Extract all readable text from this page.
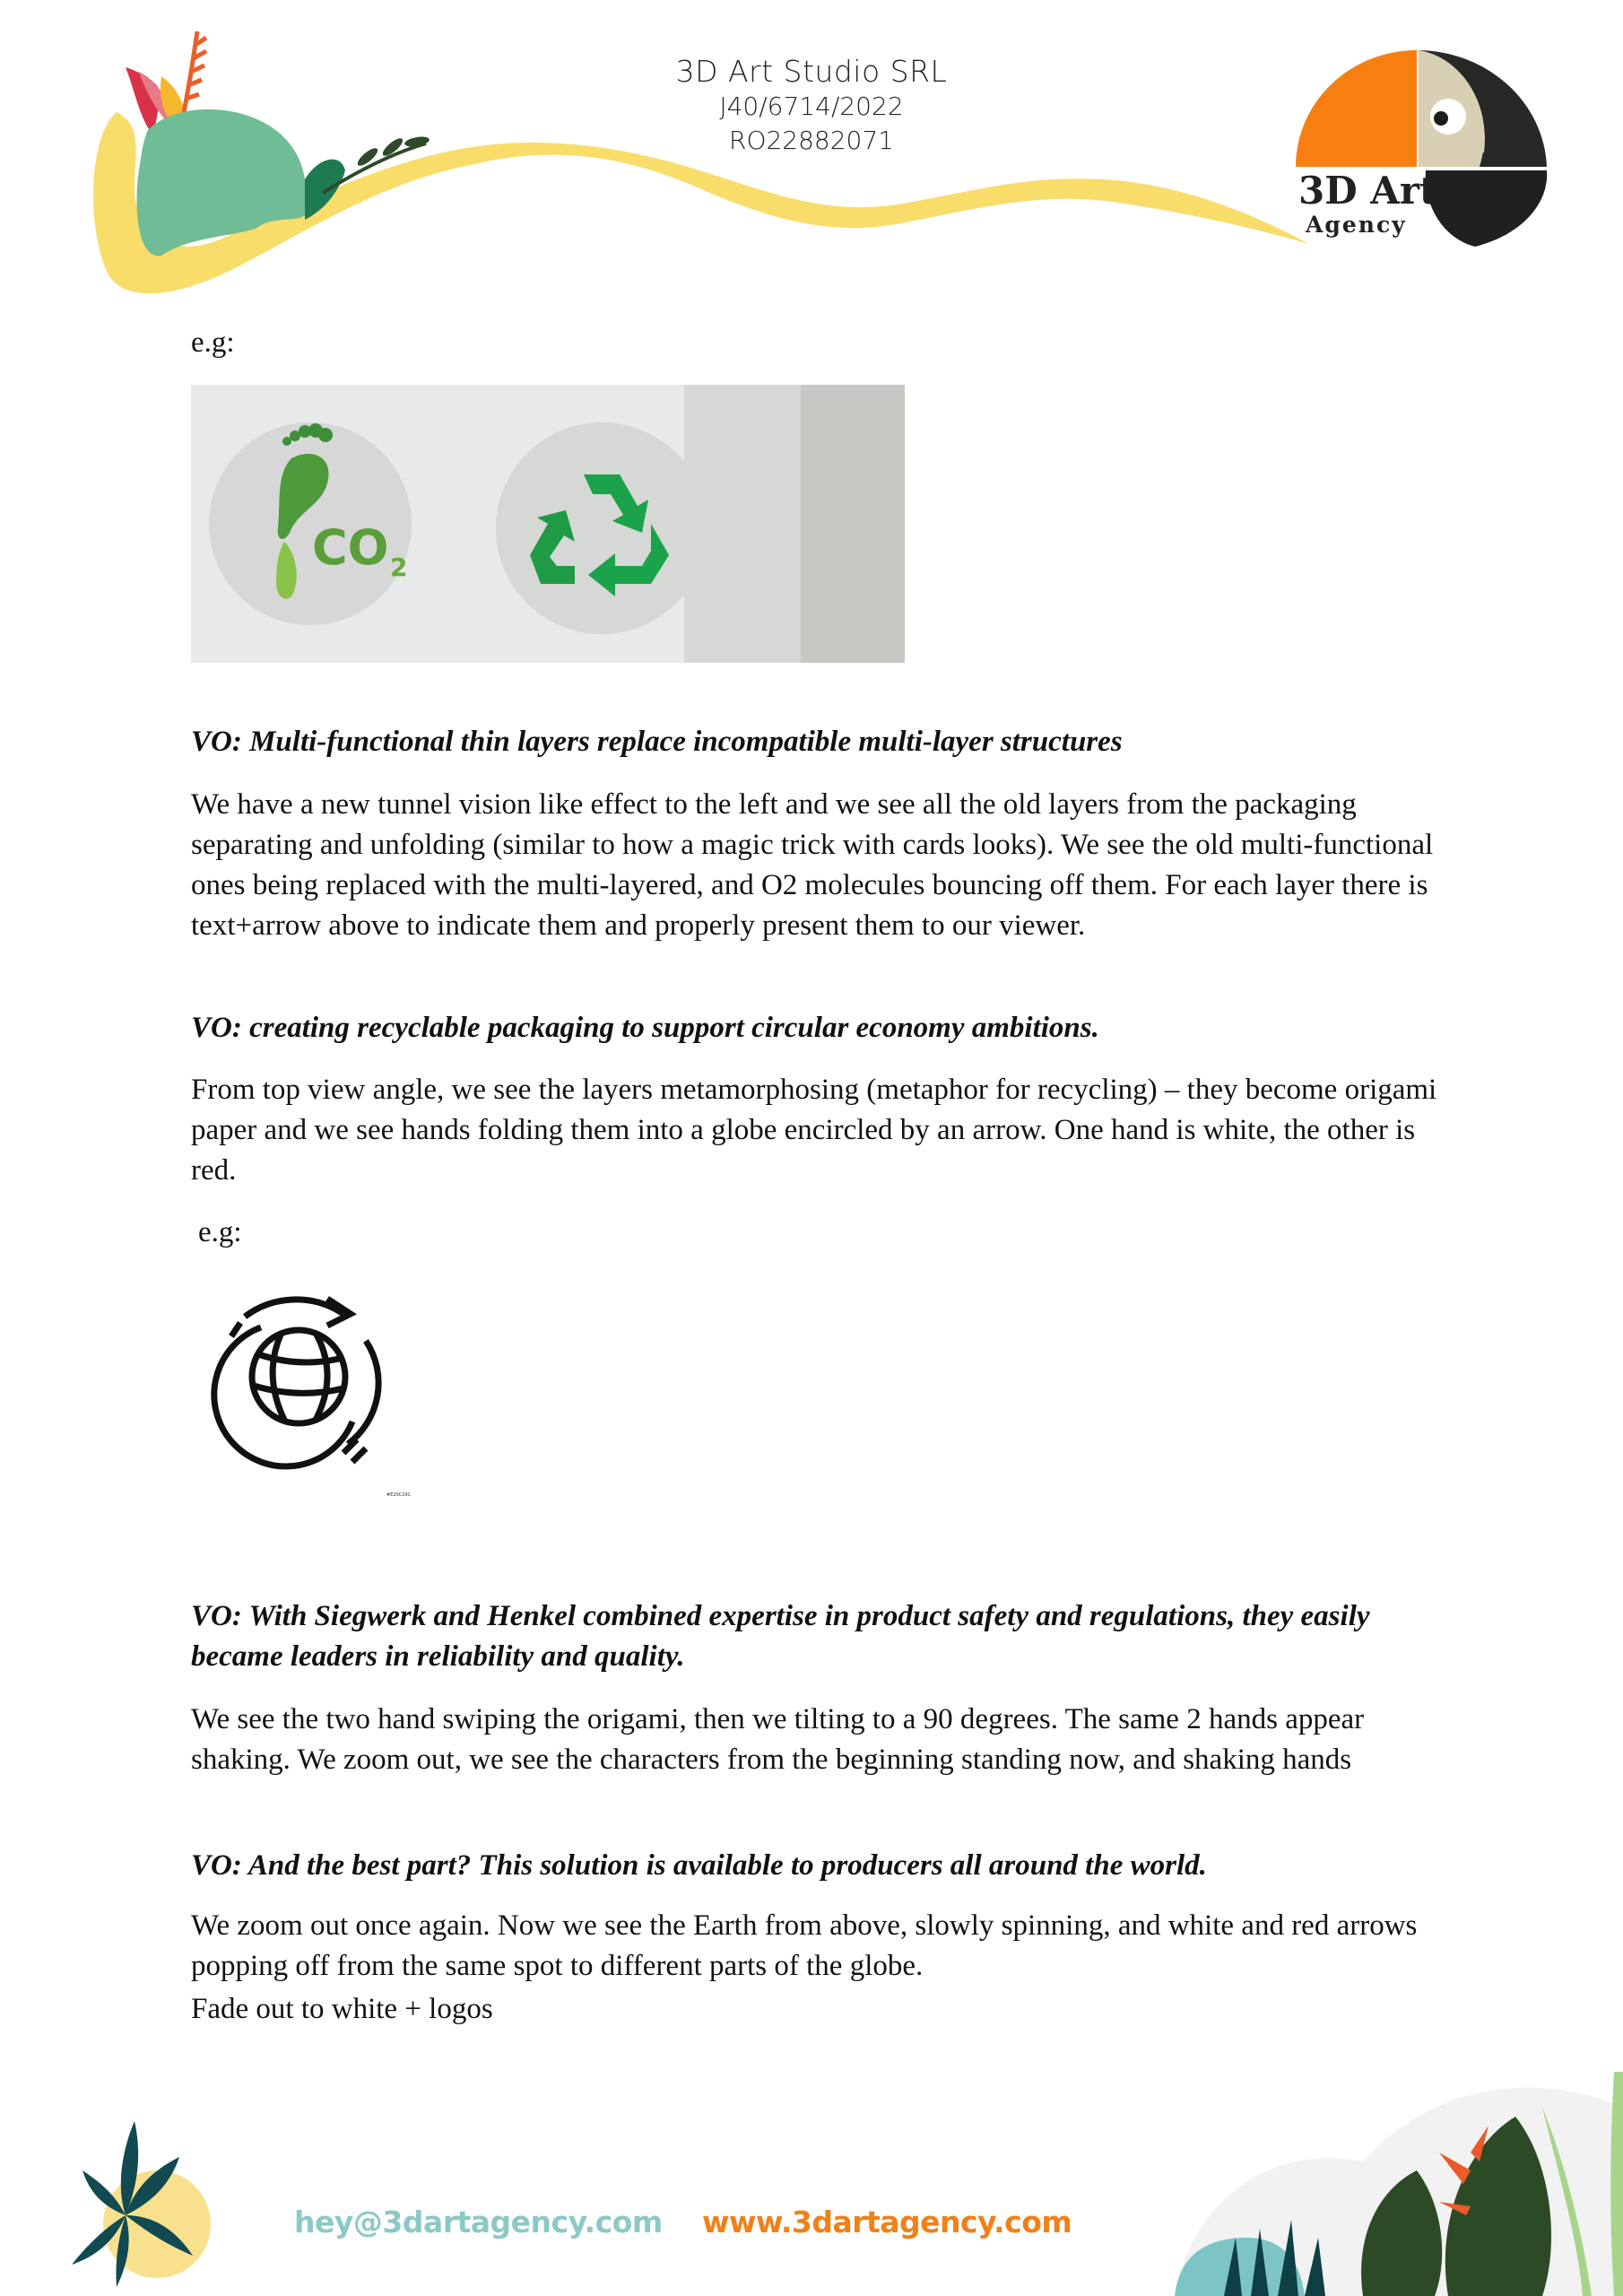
3D Art Studio SRL
J40/6714/2022
RO22882071
3D Art
Agency
e.g:
CO 2
VO: Multi-functional thin layers replace incompatible multi-layer structures
We have a new tunnel vision like effect to the left and we see all the old layers from the packaging separating and unfolding (similar to how a magic trick with cards looks). We see the old multi-functional ones being replaced with the multi-layered, and O2 molecules bouncing off them. For each layer there is text+arrow above to indicate them and properly present them to our viewer.
VO: creating recyclable packaging to support circular economy ambitions.
From top view angle, we see the layers metamorphosing (metaphor for recycling) – they become origami paper and we see hands folding them into a globe encircled by an arrow. One hand is white, the other is red.
e.g:
#E20C29C
VO: With Siegwerk and Henkel combined expertise in product safety and regulations, they easily became leaders in reliability and quality.
We see the two hand swiping the origami, then we tilting to a 90 degrees. The same 2 hands appear shaking. We zoom out, we see the characters from the beginning standing now, and shaking hands
VO: And the best part? This solution is available to producers all around the world.
We zoom out once again. Now we see the Earth from above, slowly spinning, and white and red arrows popping off from the same spot to different parts of the globe.
Fade out to white + logos
hey@3dartagency.com www.3dartagency.com
